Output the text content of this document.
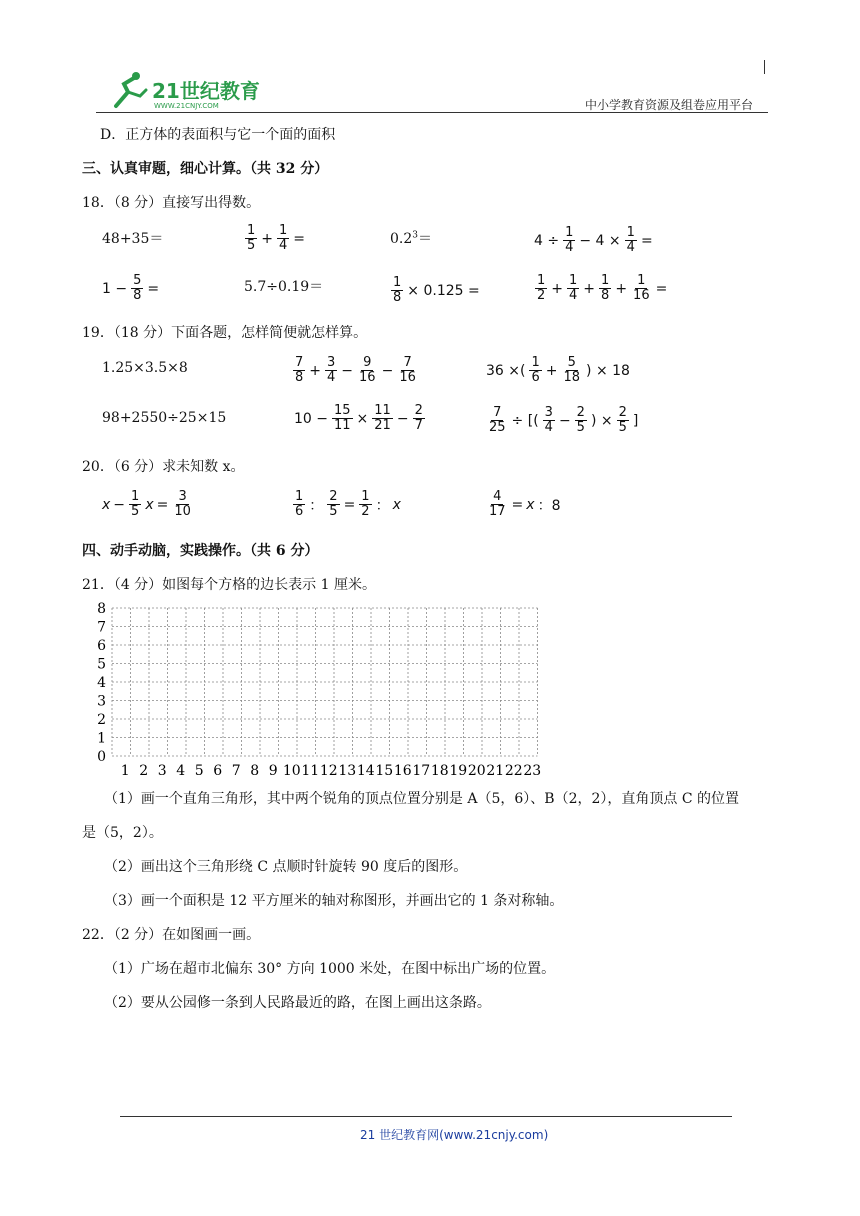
21世纪教育
WWW.21CNJY.COM	中小学教育资源及组卷应用平台
D．正方体的表面积与它一个面的面积
三、认真审题，细心计算。（共 32 分）
18．（8 分）直接写出得数。
48+35＝	$\frac{1}{5} + \frac{1}{4}$ =	$0.2^3=$	$4 \div \frac{1}{4} - 4 \times \frac{1}{4}$ =
$1 - \frac{5}{8}$ =	5.7÷0.19＝	$\frac{1}{8} \times 0.125$ =	$\frac{1}{2} + \frac{1}{4} + \frac{1}{8} + \frac{1}{16}$ =
19．（18 分）下面各题，怎样简便就怎样算。
1.25×3.5×8	$\frac{7}{8} + \frac{3}{4} - \frac{9}{16} - \frac{7}{16}$	36 ×( $\frac{1}{6} + \frac{5}{18}$ ) × 18
98+2550÷25×15	$10 - \frac{15}{11} \times \frac{11}{21} - \frac{2}{7}$	$\frac{7}{25}$ ÷ [( $\frac{3}{4} - \frac{2}{5}$ ) × $\frac{2}{5}$ ]
20．（6 分）求未知数 x。
$x - \frac{1}{5}$ $x = \frac{3}{10}$	$\frac{1}{6}$ ： $\frac{2}{5} = \frac{1}{2}$ ： x	$\frac{4}{17} = x$ ：8
四、动手动脑，实践操作。（共 6 分）
21．（4 分）如图每个方格的边长表示 1 厘米。
8
7
6
5
4
3
2
1
0
1 2 3 4 5 6 7 8 9 10 11 12 13 14 15 16 17 18 19 20 21 22 23
（1）画一个直角三角形，其中两个锐角的顶点位置分别是 A（5，6）、B（2，2），直角顶点 C 的位置
是（5，2）。
（2）画出这个三角形绕 C 点顺时针旋转 90 度后的图形。
（3）画一个面积是 12 平方厘米的轴对称图形，并画出它的 1 条对称轴。
22．（2 分）在如图画一画。
（1）广场在超市北偏东 30° 方向 1000 米处，在图中标出广场的位置。
（2）要从公园修一条到人民路最近的路，在图上画出这条路。
21 世纪教育网(www.21cnjy.com)
